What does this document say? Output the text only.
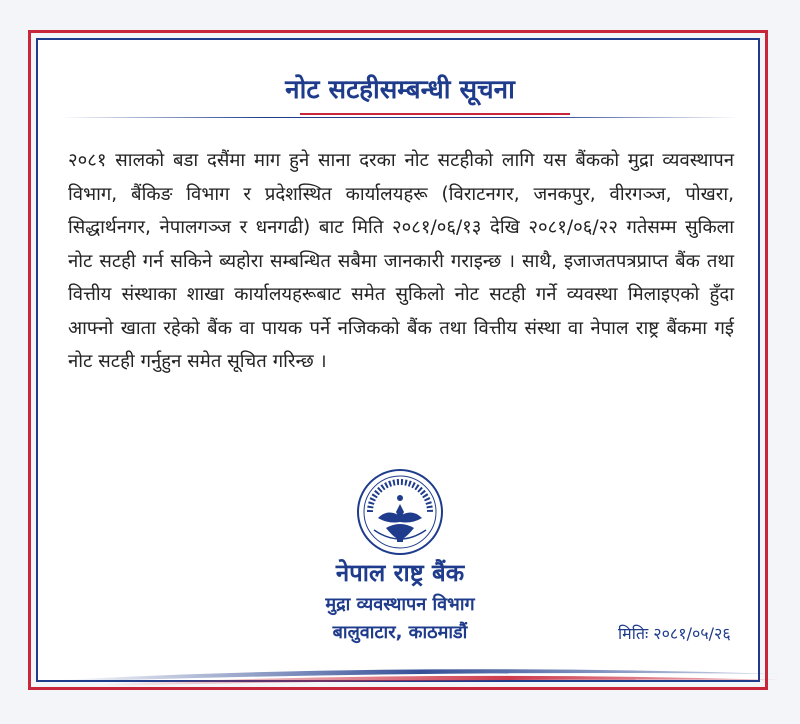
नोट सटहीसम्बन्धी सूचना
२०८१ सालको बडा दसैंमा माग हुने साना दरका नोट सटहीको लागि यस बैंकको मुद्रा व्यवस्थापन विभाग, बैंकिङ विभाग र प्रदेशस्थित कार्यालयहरू (विराटनगर, जनकपुर, वीरगञ्ज, पोखरा, सिद्धार्थनगर, नेपालगञ्ज र धनगढी) बाट मिति २०८१/०६/१३ देखि २०८१/०६/२२ गतेसम्म सुकिला नोट सटही गर्न सकिने ब्यहोरा सम्बन्धित सबैमा जानकारी गराइन्छ । साथै, इजाजतपत्रप्राप्त बैंक तथा वित्तीय संस्थाका शाखा कार्यालयहरूबाट समेत सुकिलो नोट सटही गर्ने व्यवस्था मिलाइएको हुँदा आफ्नो खाता रहेको बैंक वा पायक पर्ने नजिकको बैंक तथा वित्तीय संस्था वा नेपाल राष्ट्र बैंकमा गई नोट सटही गर्नुहुन समेत सूचित गरिन्छ ।
नेपाल राष्ट्र बैंक
मुद्रा व्यवस्थापन विभाग
बालुवाटार, काठमाडौं	मितिः २०८१/०५/२६
